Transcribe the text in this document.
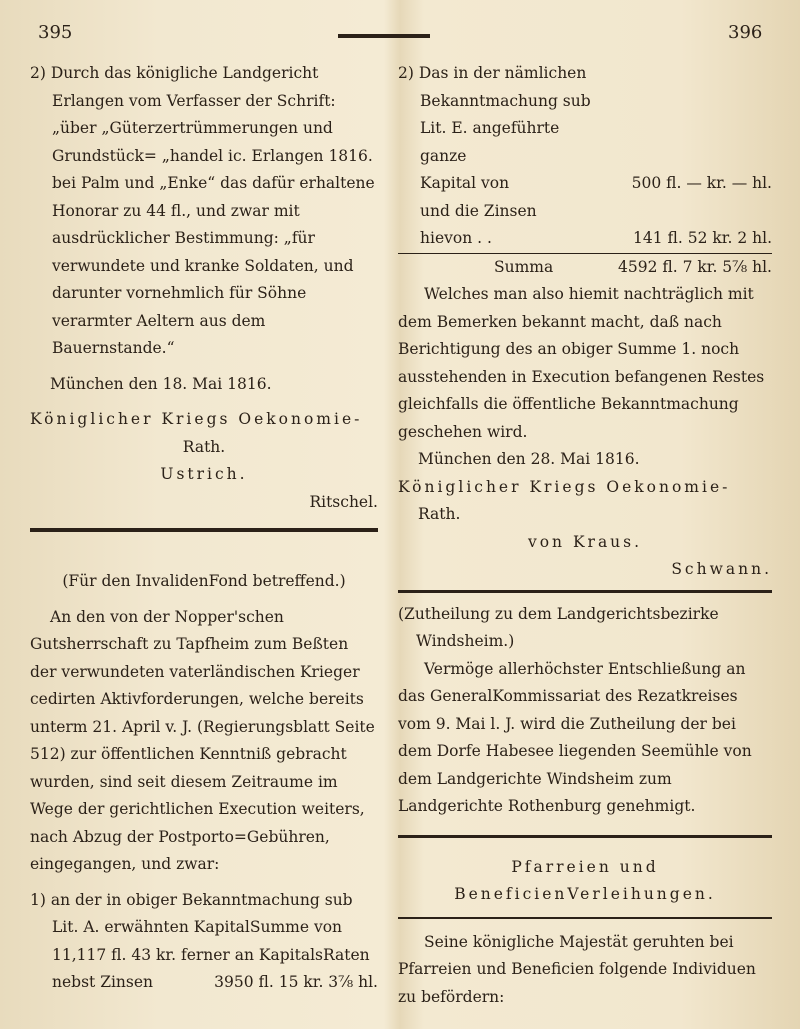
395	396

2) Durch das königliche Landgericht Erlangen vom Verfasser der Schrift: „über „Güterzertrümmerungen und Grundstück= „handel ic. Erlangen 1816. bei Palm und „Enke“ das dafür erhaltene Honorar zu 44 fl., und zwar mit ausdrücklicher Bestimmung: „für verwundete und kranke Soldaten, und darunter vornehmlich für Söhne verarmter Aeltern aus dem Bauernstande.“

München den 18. Mai 1816.

Königlicher Kriegs Oekonomie-

Rath.

Ustrich.

Ritschel.

(Für den InvalidenFond betreffend.)

An den von der Nopper'schen Gutsherrschaft zu Tapfheim zum Beßten der verwundeten vaterländischen Krieger cedirten Aktivforderungen, welche bereits unterm 21. April v. J. (Regierungsblatt Seite 512) zur öffentlichen Kenntniß gebracht wurden, sind seit diesem Zeitraume im Wege der gerichtlichen Execution weiters, nach Abzug der Postporto=Gebühren, eingegangen, und zwar:

1) an der in obiger Bekanntmachung sub Lit. A. erwähnten KapitalSumme von 11,117 fl. 43 kr. ferner an KapitalsRaten nebst Zinsen	3950 fl. 15 kr. 3⅞ hl.

2) Das in der nämlichen Bekanntmachung sub Lit. E. angeführte ganze

Kapital von	500 fl. — kr. — hl.

und die Zinsen

hievon . .	141 fl. 52 kr. 2 hl.
Summa	4592 fl. 7 kr. 5⅞ hl.

Welches man also hiemit nachträglich mit dem Bemerken bekannt macht, daß nach Berichtigung des an obiger Summe 1. noch ausstehenden in Execution befangenen Restes gleichfalls die öffentliche Bekanntmachung geschehen wird.

München den 28. Mai 1816.

Königlicher Kriegs Oekonomie-

Rath.

von Kraus.

Schwann.

(Zutheilung zu dem Landgerichtsbezirke Windsheim.)

Vermöge allerhöchster Entschließung an das GeneralKommissariat des Rezatkreises vom 9. Mai l. J. wird die Zutheilung der bei dem Dorfe Habesee liegenden Seemühle von dem Landgerichte Windsheim zum Landgerichte Rothenburg genehmigt.

Pfarreien und BeneficienVerleihungen.

Seine königliche Majestät geruhten bei Pfarreien und Beneficien folgende Individuen zu befördern:
